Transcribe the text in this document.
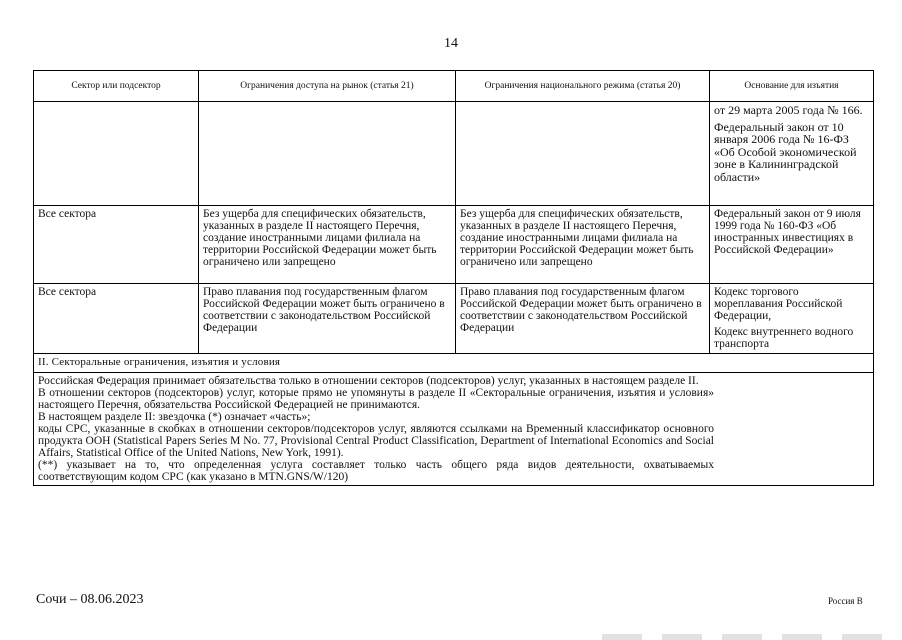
14
Сектор или подсектор	Ограничения доступа на рынок (статья 21)	Ограничения национального режима (статья 20)	Основание для изъятия

			от 29 марта 2005 года № 166.
Федеральный закон от 10 января 2006 года № 16-ФЗ «Об Особой экономической зоне в Калининградской области»

Все сектора	Без ущерба для специфических обязательств, указанных в разделе II настоящего Перечня, создание иностранными лицами филиала на территории Российской Федерации может быть ограничено или запрещено	Без ущерба для специфических обязательств, указанных в разделе II настоящего Перечня, создание иностранными лицами филиала на территории Российской Федерации может быть ограничено или запрещено	Федеральный закон от 9 июля 1999 года № 160-ФЗ «Об иностранных инвестициях в Российской Федерации»
Все сектора	Право плавания под государственным флагом Российской Федерации может быть ограничено в соответствии с законодательством Российской Федерации	Право плавания под государственным флагом Российской Федерации может быть ограничено в соответствии с законодательством Российской Федерации	Кодекс торгового мореплавания Российской Федерации,
Кодекс внутреннего водного транспорта

II. Секторальные ограничения, изъятия и условия			

Российская Федерация принимает обязательства только в отношении секторов (подсекторов) услуг, указанных в настоящем разделе II.
В отношении секторов (подсекторов) услуг, которые прямо не упомянуты в разделе II «Секторальные ограничения, изъятия и условия» настоящего Перечня, обязательства Российской Федерацией не принимаются.
В настоящем разделе II: звездочка (*) означает «часть»;
коды СРС, указанные в скобках в отношении секторов/подсекторов услуг, являются ссылками на Временный классификатор основного продукта ООН (Statistical Papers Series M No. 77, Provisional Central Product Classification, Department of International Economics and Social Affairs, Statistical Office of the United Nations, New York, 1991).
(**) указывает на то, что определенная услуга составляет только часть общего ряда видов деятельности, охватываемых соответствующим кодом СРС (как указано в MTN.GNS/W/120)			
Сочи – 08.06.2023	Россия В
